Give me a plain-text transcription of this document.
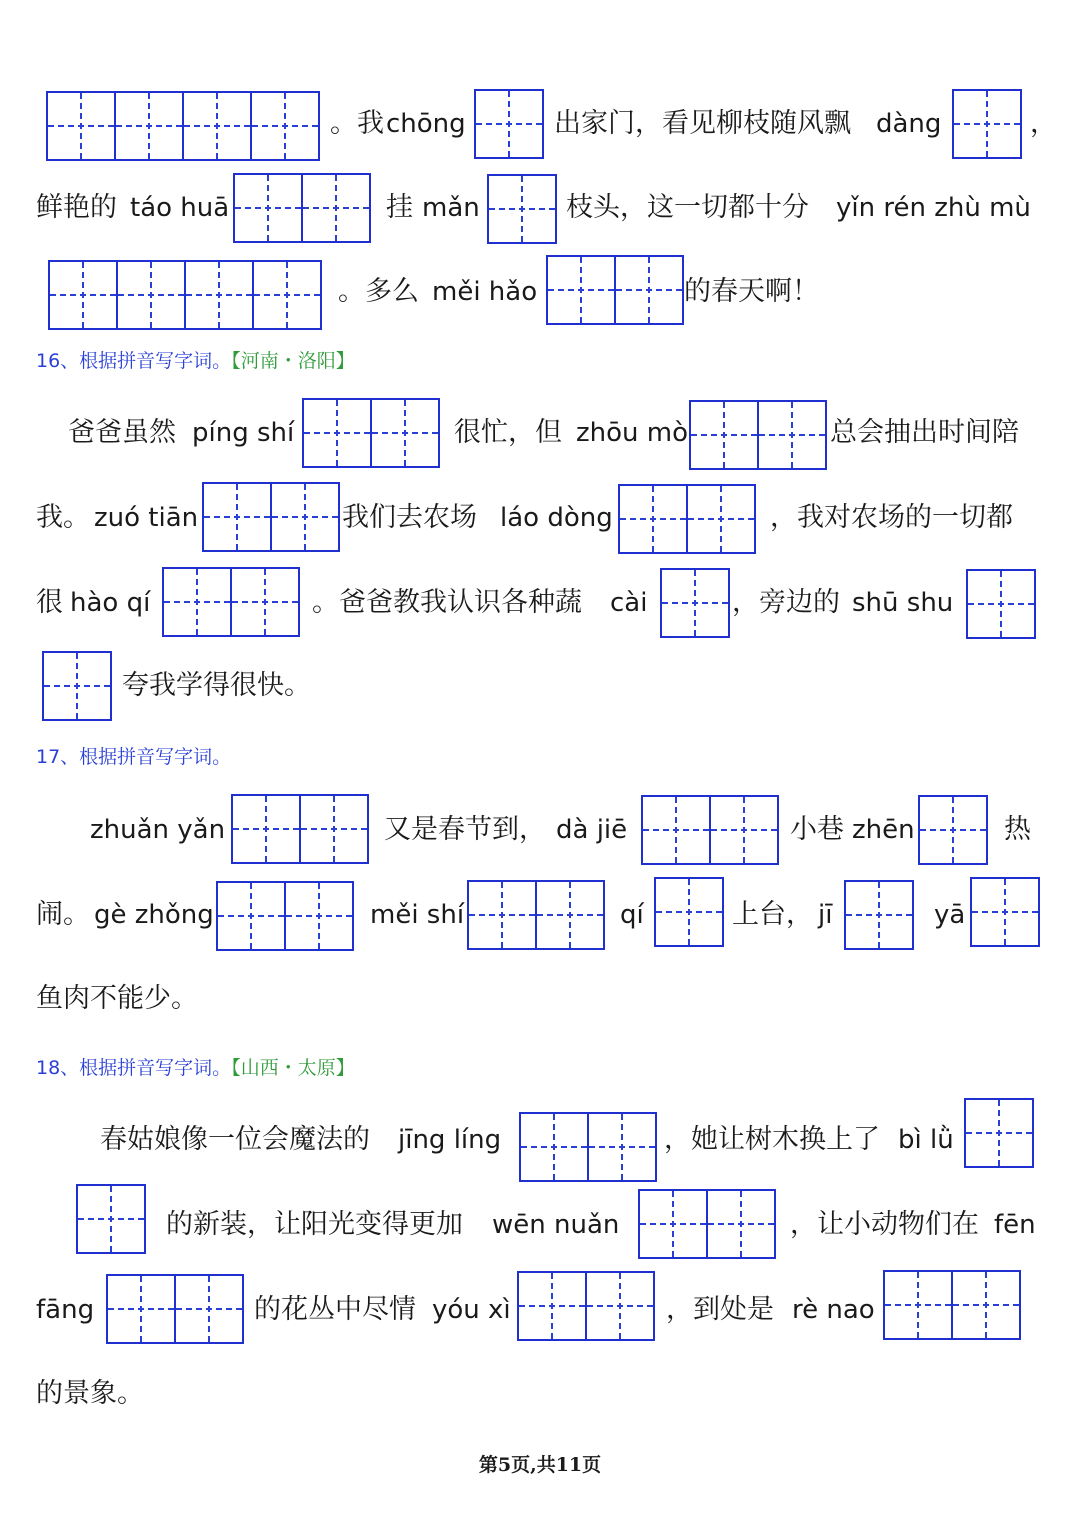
。我 chōng	出家门，看见柳枝随风飘 dàng	，
鲜艳的 táo huā	挂 mǎn	枝头，这一切都十分 yǐn rén zhù mù
。多么 měi hǎo	的春天啊！
16、根据拼音写字词。【河南・洛阳】
爸爸虽然 píng shí	很忙，但 zhōu mò	总会抽出时间陪
我。 zuó tiān	我们去农场 láo dòng	，我对农场的一切都
很 hào qí	。爸爸教我认识各种蔬 cài	，旁边的 shū shu
夸我学得很快。
17、根据拼音写字词。
zhuǎn yǎn	又是春节到， dà jiē	小巷 zhēn	热
闹。 gè zhǒng	měi shí	qí	上台， jī	yā
鱼肉不能少。
18、根据拼音写字词。【山西・太原】
春姑娘像一位会魔法的 jīng líng	，她让树木换上了 bì lǜ
的新装，让阳光变得更加 wēn nuǎn	，让小动物们在 fēn
fāng	的花丛中尽情 yóu xì	，到处是 rè nao
的景象。
第5页,共11页
